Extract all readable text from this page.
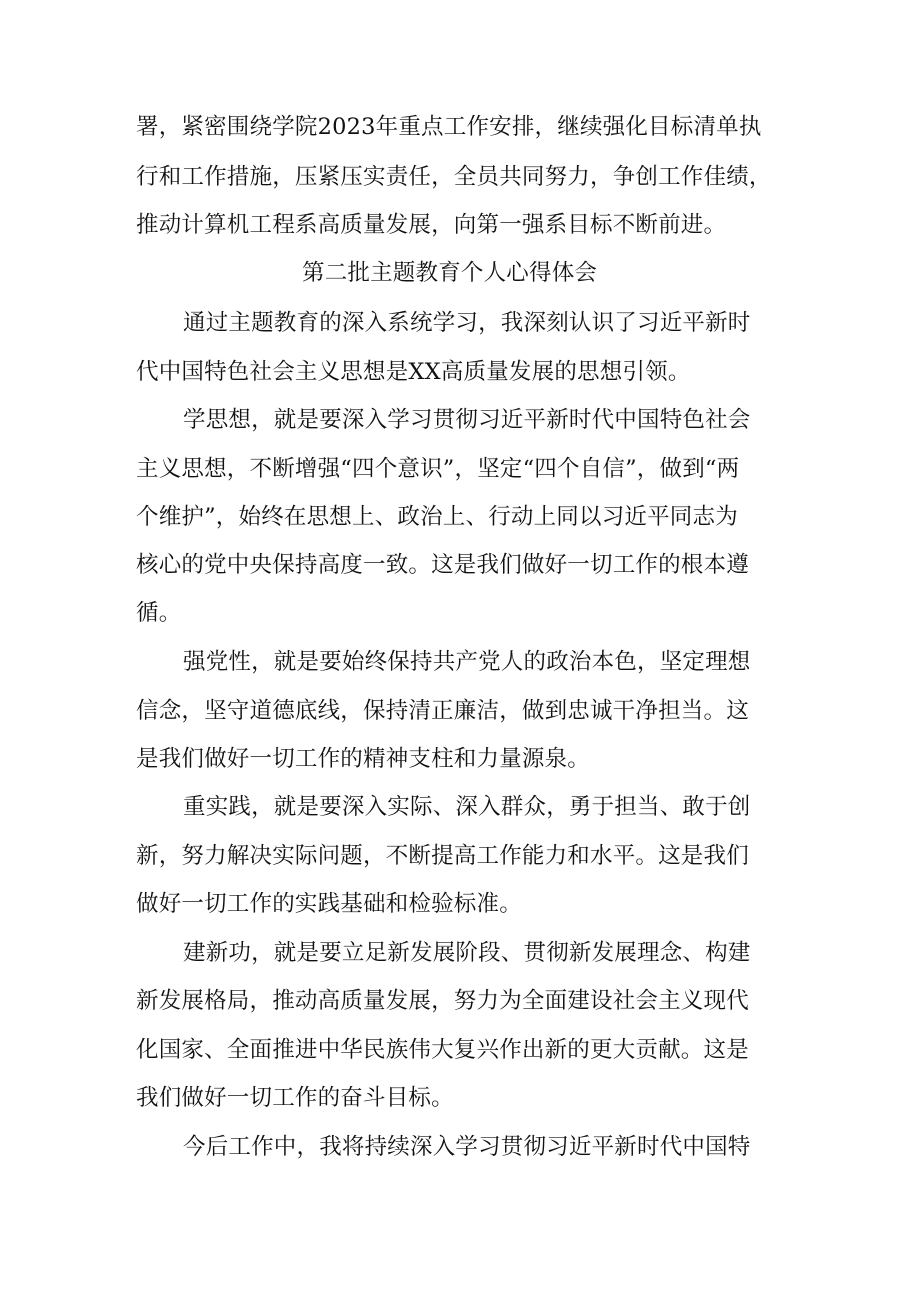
署，紧密围绕学院2023年重点工作安排，继续强化目标清单执
行和工作措施，压紧压实责任，全员共同努力，争创工作佳绩，
推动计算机工程系高质量发展，向第一强系目标不断前进。
第二批主题教育个人心得体会
通过主题教育的深入系统学习，我深刻认识了习近平新时
代中国特色社会主义思想是XX高质量发展的思想引领。
学思想，就是要深入学习贯彻习近平新时代中国特色社会
主义思想，不断增强“四个意识”，坚定“四个自信”，做到“两
个维护”，始终在思想上、政治上、行动上同以习近平同志为
核心的党中央保持高度一致。这是我们做好一切工作的根本遵
循。
强党性，就是要始终保持共产党人的政治本色，坚定理想
信念，坚守道德底线，保持清正廉洁，做到忠诚干净担当。这
是我们做好一切工作的精神支柱和力量源泉。
重实践，就是要深入实际、深入群众，勇于担当、敢于创
新，努力解决实际问题，不断提高工作能力和水平。这是我们
做好一切工作的实践基础和检验标准。
建新功，就是要立足新发展阶段、贯彻新发展理念、构建
新发展格局，推动高质量发展，努力为全面建设社会主义现代
化国家、全面推进中华民族伟大复兴作出新的更大贡献。这是
我们做好一切工作的奋斗目标。
今后工作中，我将持续深入学习贯彻习近平新时代中国特
